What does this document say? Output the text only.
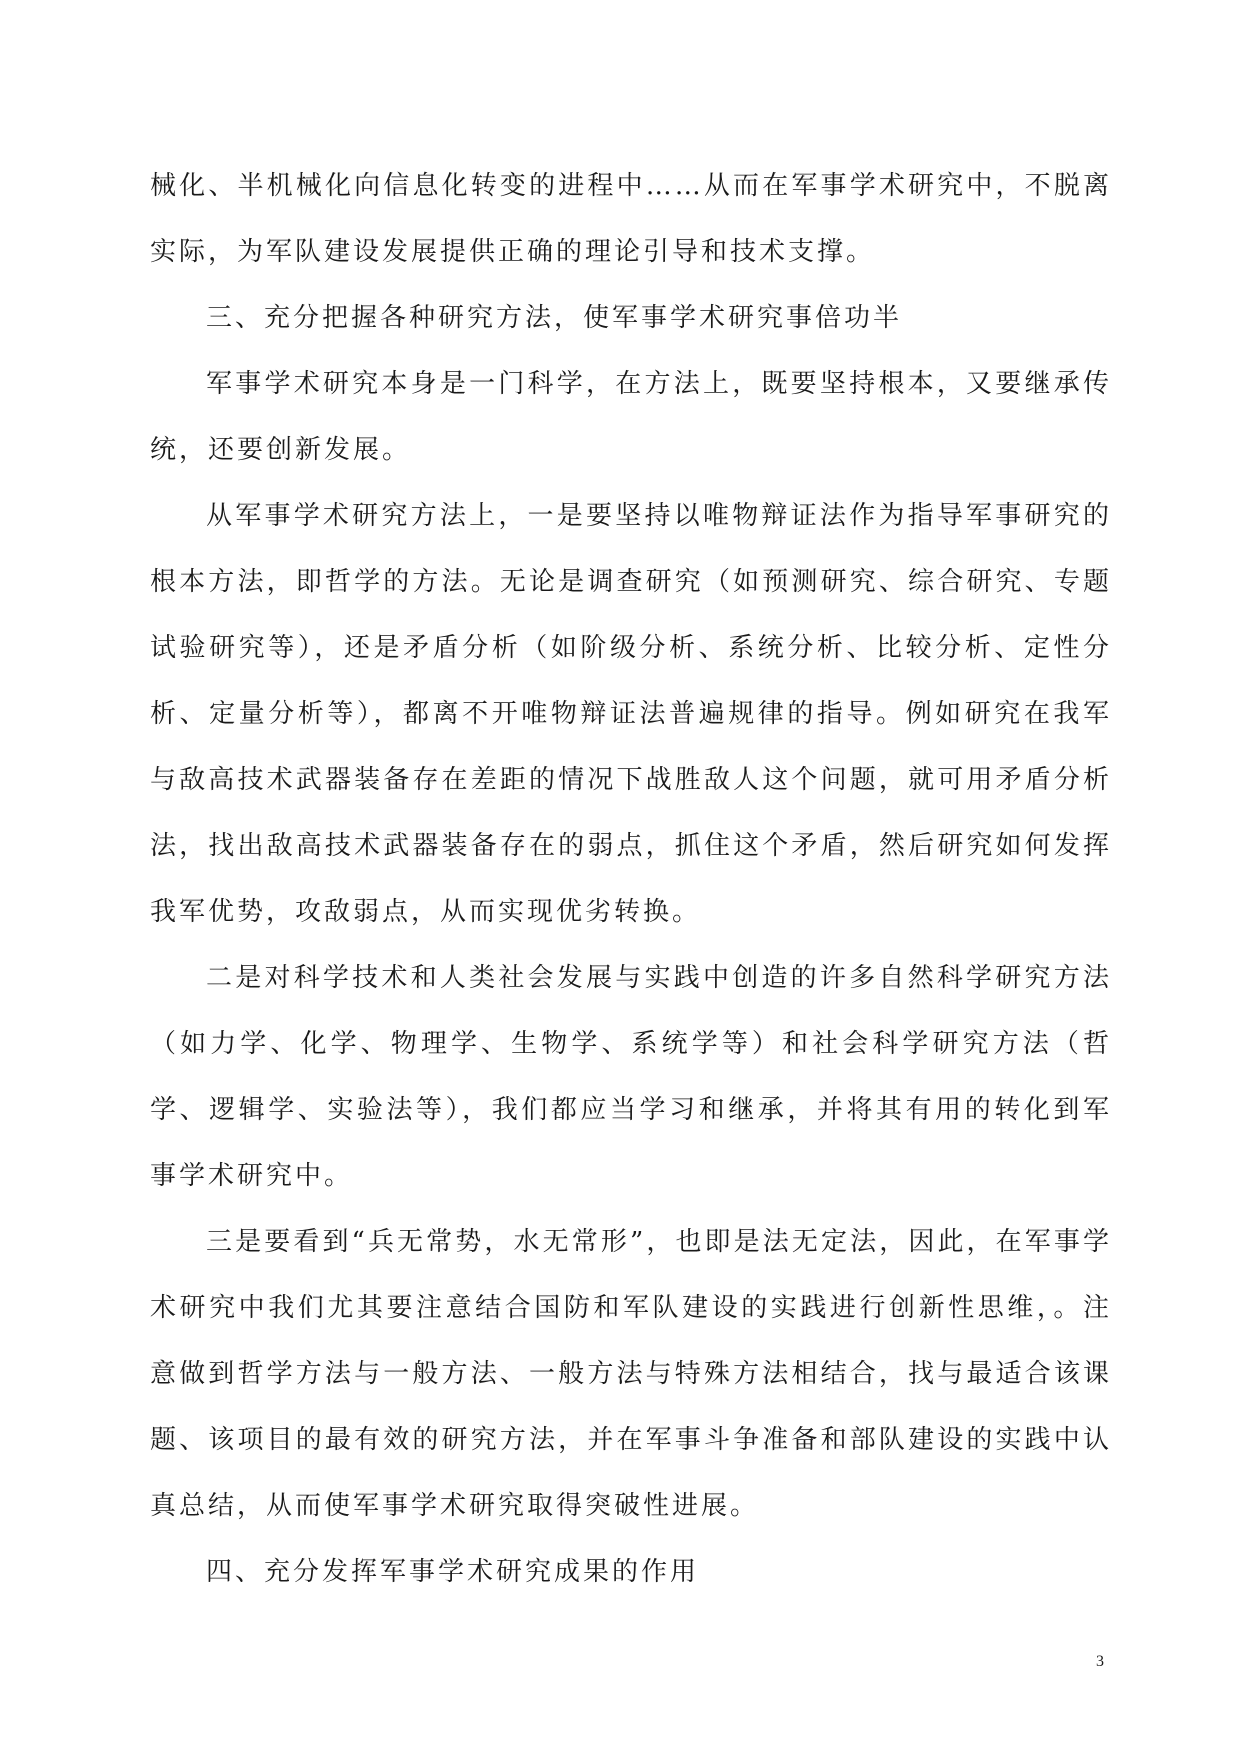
械化、半机械化向信息化转变的进程中……从而在军事学术研究中，不脱离实际，为军队建设发展提供正确的理论引导和技术支撑。

三、充分把握各种研究方法，使军事学术研究事倍功半

军事学术研究本身是一门科学，在方法上，既要坚持根本，又要继承传统，还要创新发展。

从军事学术研究方法上，一是要坚持以唯物辩证法作为指导军事研究的根本方法，即哲学的方法。无论是调查研究（如预测研究、综合研究、专题试验研究等），还是矛盾分析（如阶级分析、系统分析、比较分析、定性分析、定量分析等），都离不开唯物辩证法普遍规律的指导。例如研究在我军与敌高技术武器装备存在差距的情况下战胜敌人这个问题，就可用矛盾分析法，找出敌高技术武器装备存在的弱点，抓住这个矛盾，然后研究如何发挥我军优势，攻敌弱点，从而实现优劣转换。

二是对科学技术和人类社会发展与实践中创造的许多自然科学研究方法（如力学、化学、物理学、生物学、系统学等）和社会科学研究方法（哲学、逻辑学、实验法等），我们都应当学习和继承，并将其有用的转化到军事学术研究中。

三是要看到“兵无常势，水无常形”，也即是法无定法，因此，在军事学术研究中我们尤其要注意结合国防和军队建设的实践进行创新性思维，。注意做到哲学方法与一般方法、一般方法与特殊方法相结合，找与最适合该课题、该项目的最有效的研究方法，并在军事斗争准备和部队建设的实践中认真总结，从而使军事学术研究取得突破性进展。

四、充分发挥军事学术研究成果的作用

3
